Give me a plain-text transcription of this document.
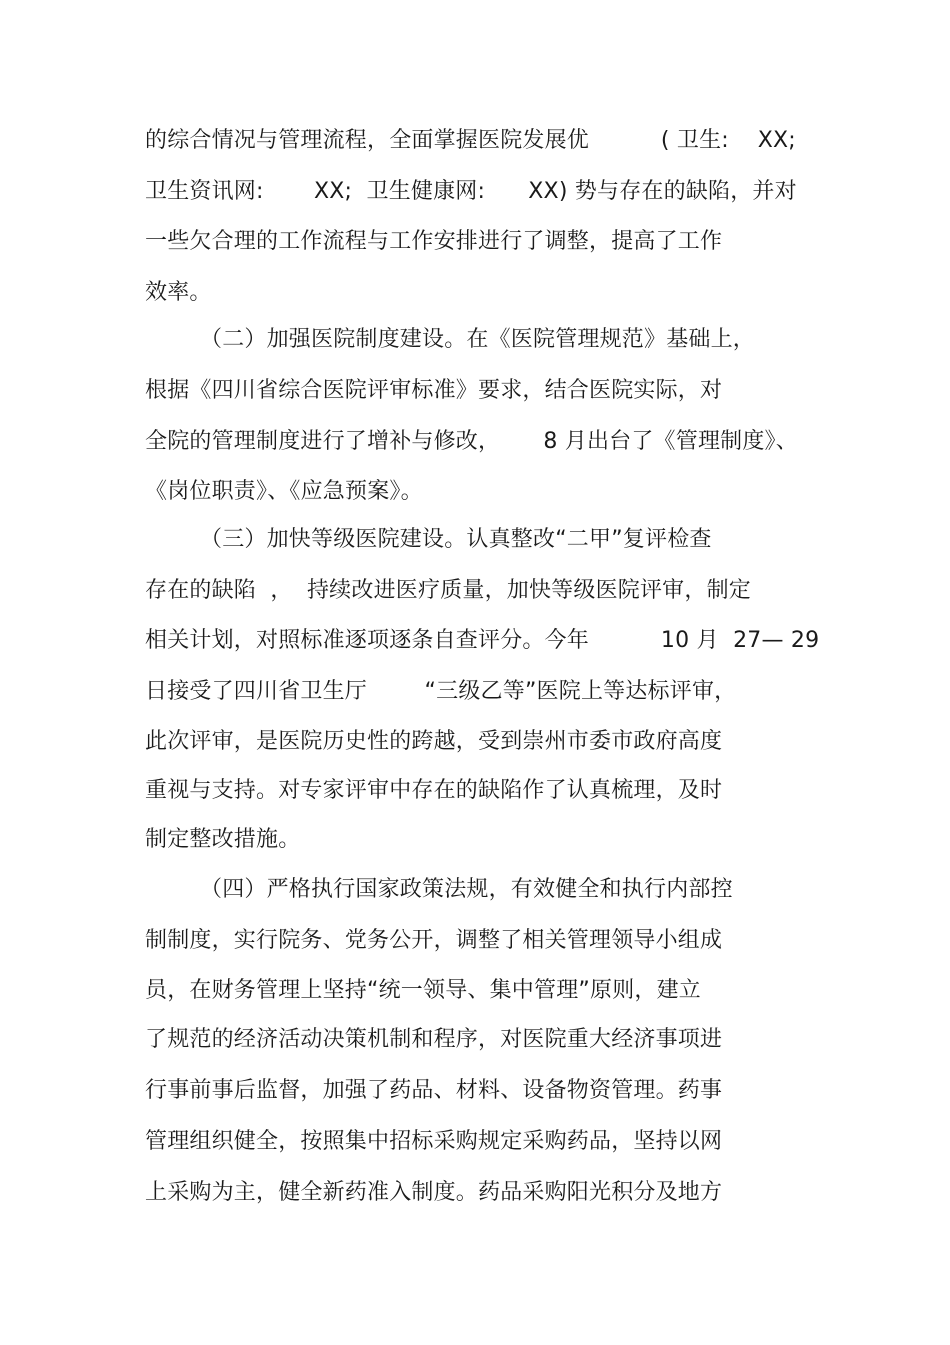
的综合情况与管理流程，全面掌握医院发展优          ( 卫生:    XX;
卫生资讯网:       XX;  卫生健康网:      XX) 势与存在的缺陷，并对
一些欠合理的工作流程与工作安排进行了调整，提高了工作
效率。
（二）加强医院制度建设。在《医院管理规范》基础上，
根据《四川省综合医院评审标准》要求，结合医院实际，对
全院的管理制度进行了增补与修改，      8 月出台了《管理制度》、
《岗位职责》、《应急预案》。
（三）加快等级医院建设。认真整改“二甲”复评检查
存在的缺陷  ，  持续改进医疗质量，加快等级医院评审，制定
相关计划，对照标准逐项逐条自查评分。今年          10 月  27— 29
日接受了四川省卫生厅        “三级乙等”医院上等达标评审，
此次评审，是医院历史性的跨越，受到崇州市委市政府高度
重视与支持。对专家评审中存在的缺陷作了认真梳理，及时
制定整改措施。
（四）严格执行国家政策法规，有效健全和执行内部控
制制度，实行院务、党务公开，调整了相关管理领导小组成
员，在财务管理上坚持“统一领导、集中管理”原则，建立
了规范的经济活动决策机制和程序，对医院重大经济事项进
行事前事后监督，加强了药品、材料、设备物资管理。药事
管理组织健全，按照集中招标采购规定采购药品，坚持以网
上采购为主，健全新药准入制度。药品采购阳光积分及地方
